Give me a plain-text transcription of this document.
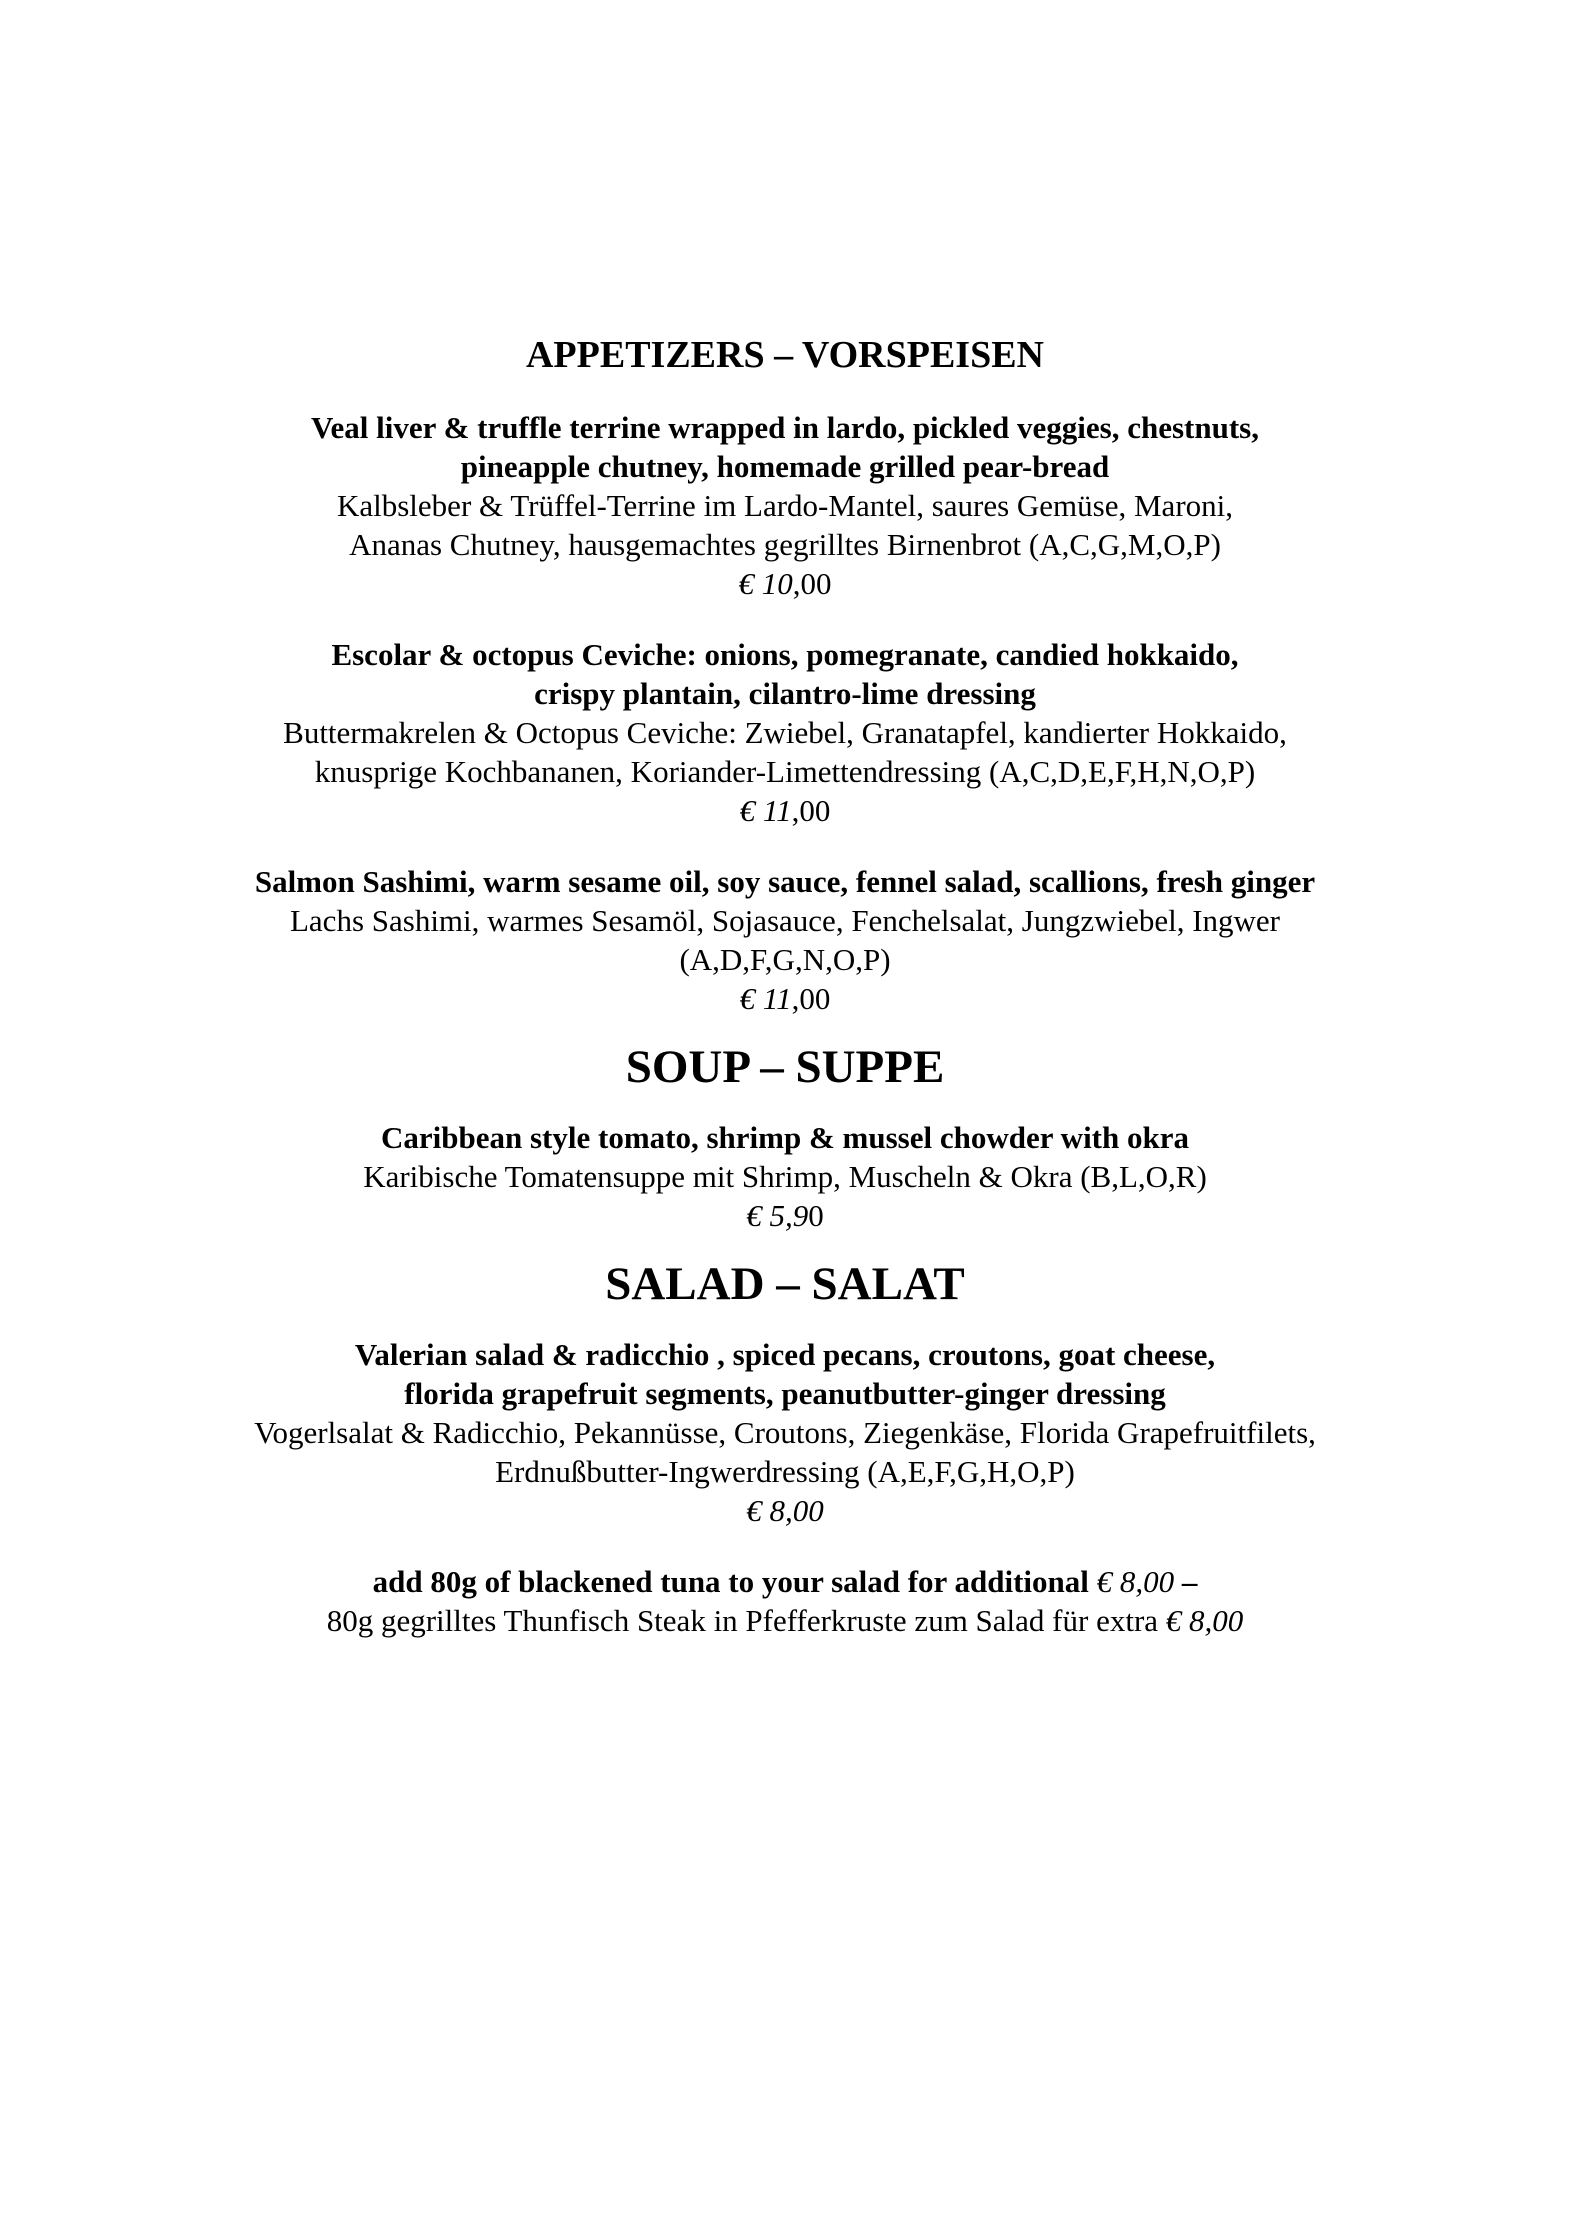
APPETIZERS – VORSPEISEN
Veal liver & truffle terrine wrapped in lardo, pickled veggies, chestnuts,
pineapple chutney, homemade grilled pear-bread
Kalbsleber & Trüffel-Terrine im Lardo-Mantel, saures Gemüse, Maroni,
Ananas Chutney, hausgemachtes gegrilltes Birnenbrot (A,C,G,M,O,P)
€ 10,00
Escolar & octopus Ceviche: onions, pomegranate, candied hokkaido,
crispy plantain, cilantro-lime dressing
Buttermakrelen & Octopus Ceviche: Zwiebel, Granatapfel, kandierter Hokkaido,
knusprige Kochbananen, Koriander-Limettendressing (A,C,D,E,F,H,N,O,P)
€ 11,00
Salmon Sashimi, warm sesame oil, soy sauce, fennel salad, scallions, fresh ginger
Lachs Sashimi, warmes Sesamöl, Sojasauce, Fenchelsalat, Jungzwiebel, Ingwer
(A,D,F,G,N,O,P)
€ 11,00
SOUP – SUPPE
Caribbean style tomato, shrimp & mussel chowder with okra
Karibische Tomatensuppe mit Shrimp, Muscheln & Okra (B,L,O,R)
€ 5,90
SALAD – SALAT
Valerian salad & radicchio , spiced pecans, croutons, goat cheese,
florida grapefruit segments, peanutbutter-ginger dressing
Vogerlsalat & Radicchio, Pekannüsse, Croutons, Ziegenkäse, Florida Grapefruitfilets,
Erdnußbutter-Ingwerdressing (A,E,F,G,H,O,P)
€ 8,00
add 80g of blackened tuna to your salad for additional € 8,00 –
80g gegrilltes Thunfisch Steak in Pfefferkruste zum Salad für extra € 8,00
